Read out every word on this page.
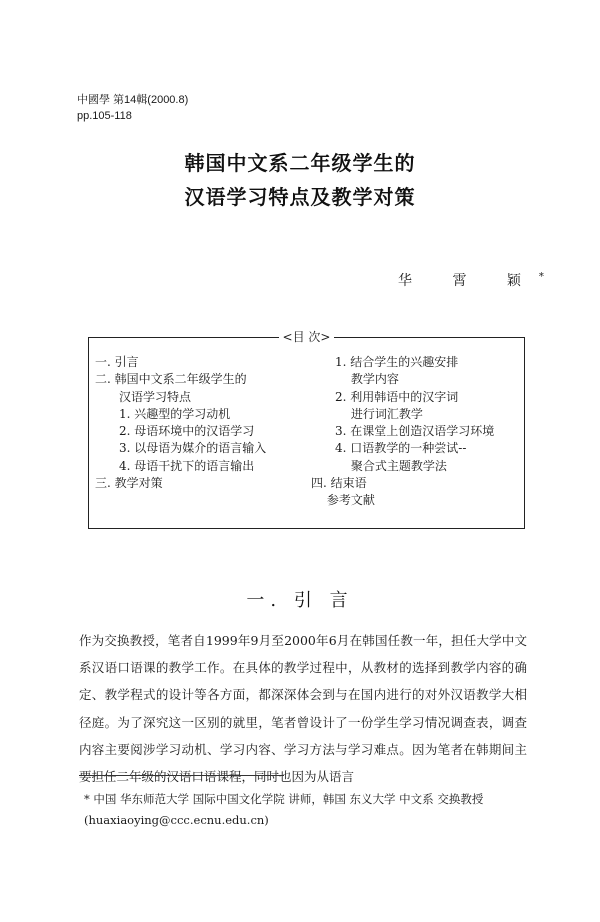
中國學 第14輯(2000.8)
pp.105-118
韩国中文系二年级学生的
汉语学习特点及教学对策
华 霄 颖*
<目 次>
一. 引言
二. 韩国中文系二年级学生的
　　汉语学习特点
　　1. 兴趣型的学习动机
　　2. 母语环境中的汉语学习
　　3. 以母语为媒介的语言输入
　　4. 母语干扰下的语言输出
三. 教学对策
　　1. 结合学生的兴趣安排
　　　 教学内容
　　2. 利用韩语中的汉字词
　　　 进行词汇教学
　　3. 在课堂上创造汉语学习环境
　　4. 口语教学的一种尝试--
　　　 聚合式主题教学法
四. 结束语
　 参考文献
一. 引 言
作为交换教授，笔者自1999年9月至2000年6月在韩国任教一年，担任大学中文系汉语口语课的教学工作。在具体的教学过程中，从教材的选择到教学内容的确定、教学程式的设计等各方面，都深深体会到与在国内进行的对外汉语教学大相径庭。为了深究这一区别的就里，笔者曾设计了一份学生学习情况调查表，调查内容主要阅涉学习动机、学习内容、学习方法与学习难点。因为笔者在韩期间主要担任二年级的汉语口语课程，同时也因为从语言
* 中国 华东师范大学 国际中国文化学院 讲师，韩国 东义大学 中文系 交换教授
(huaxiaoying@ccc.ecnu.edu.cn)
